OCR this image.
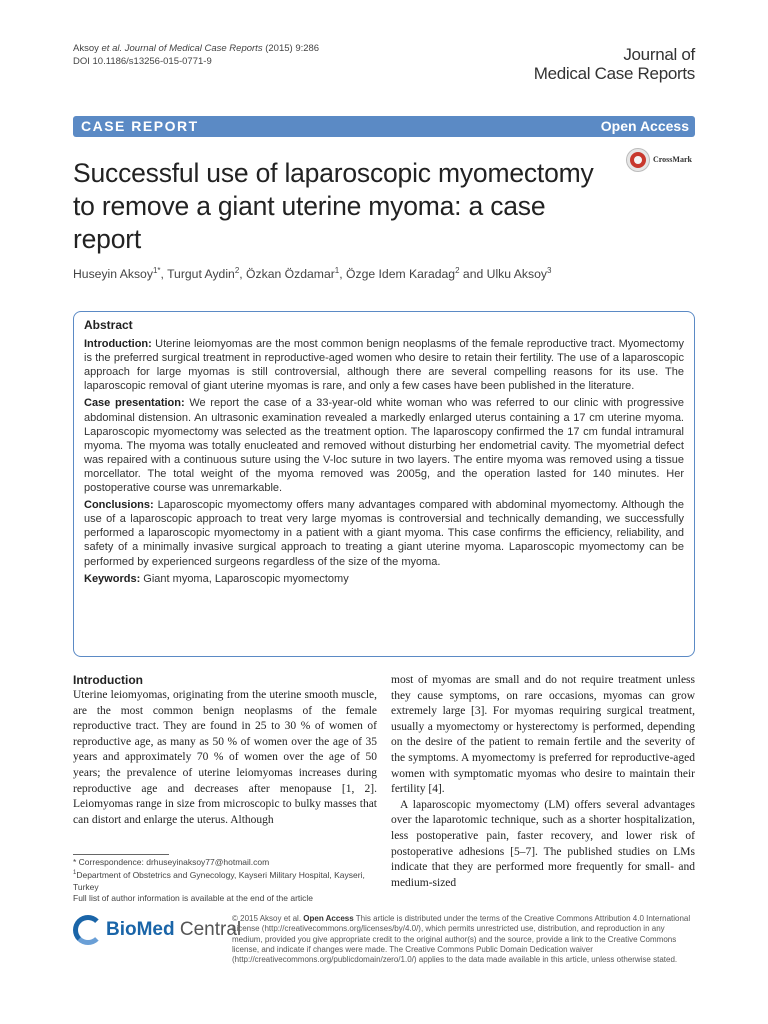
Aksoy et al. Journal of Medical Case Reports (2015) 9:286
DOI 10.1186/s13256-015-0771-9	Journal of
Medical Case Reports
CASE REPORT	Open Access
CrossMark
Successful use of laparoscopic myomectomy to remove a giant uterine myoma: a case report
Huseyin Aksoy$^{1*}$, Turgut Aydin$^2$, Özkan Özdamar$^1$, Özge Idem Karadag$^2$ and Ulku Aksoy$^3$
Abstract

Introduction: Uterine leiomyomas are the most common benign neoplasms of the female reproductive tract. Myomectomy is the preferred surgical treatment in reproductive-aged women who desire to retain their fertility. The use of a laparoscopic approach for large myomas is still controversial, although there are several compelling reasons for its use. The laparoscopic removal of giant uterine myomas is rare, and only a few cases have been published in the literature.

Case presentation: We report the case of a 33-year-old white woman who was referred to our clinic with progressive abdominal distension. An ultrasonic examination revealed a markedly enlarged uterus containing a 17 cm uterine myoma. Laparoscopic myomectomy was selected as the treatment option. The laparoscopy confirmed the 17 cm fundal intramural myoma. The myoma was totally enucleated and removed without disturbing her endometrial cavity. The myometrial defect was repaired with a continuous suture using the V-loc suture in two layers. The entire myoma was removed using a tissue morcellator. The total weight of the myoma removed was 2005g, and the operation lasted for 140 minutes. Her postoperative course was unremarkable.

Conclusions: Laparoscopic myomectomy offers many advantages compared with abdominal myomectomy. Although the use of a laparoscopic approach to treat very large myomas is controversial and technically demanding, we successfully performed a laparoscopic myomectomy in a patient with a giant myoma. This case confirms the efficiency, reliability, and safety of a minimally invasive surgical approach to treating a giant uterine myoma. Laparoscopic myomectomy can be performed by experienced surgeons regardless of the size of the myoma.

Keywords: Giant myoma, Laparoscopic myomectomy

Introduction

Uterine leiomyomas, originating from the uterine smooth muscle, are the most common benign neoplasms of the female reproductive tract. They are found in 25 to 30 % of women of reproductive age, as many as 50 % of women over the age of 35 years and approximately 70 % of women over the age of 50 years; the prevalence of uterine leiomyomas increases during reproductive age and decreases after menopause [1, 2]. Leiomyomas range in size from microscopic to bulky masses that can distort and enlarge the uterus. Although

most of myomas are small and do not require treatment unless they cause symptoms, on rare occasions, myomas can grow extremely large [3]. For myomas requiring surgical treatment, usually a myomectomy or hysterectomy is performed, depending on the desire of the patient to remain fertile and the severity of the symptoms. A myomectomy is preferred for reproductive-aged women with symptomatic myomas who desire to maintain their fertility [4].

A laparoscopic myomectomy (LM) offers several advantages over the laparotomic technique, such as a shorter hospitalization, less postoperative pain, faster recovery, and lower risk of postoperative adhesions [5–7]. The published studies on LMs indicate that they are performed more frequently for small- and medium-sized

* Correspondence: drhuseyinaksoy77@hotmail.com
$^1$Department of Obstetrics and Gynecology, Kayseri Military Hospital, Kayseri, Turkey
Full list of author information is available at the end of the article
BioMed Central
© 2015 Aksoy et al. Open Access This article is distributed under the terms of the Creative Commons Attribution 4.0 International License (http://creativecommons.org/licenses/by/4.0/), which permits unrestricted use, distribution, and reproduction in any medium, provided you give appropriate credit to the original author(s) and the source, provide a link to the Creative Commons license, and indicate if changes were made. The Creative Commons Public Domain Dedication waiver (http://creativecommons.org/publicdomain/zero/1.0/) applies to the data made available in this article, unless otherwise stated.
